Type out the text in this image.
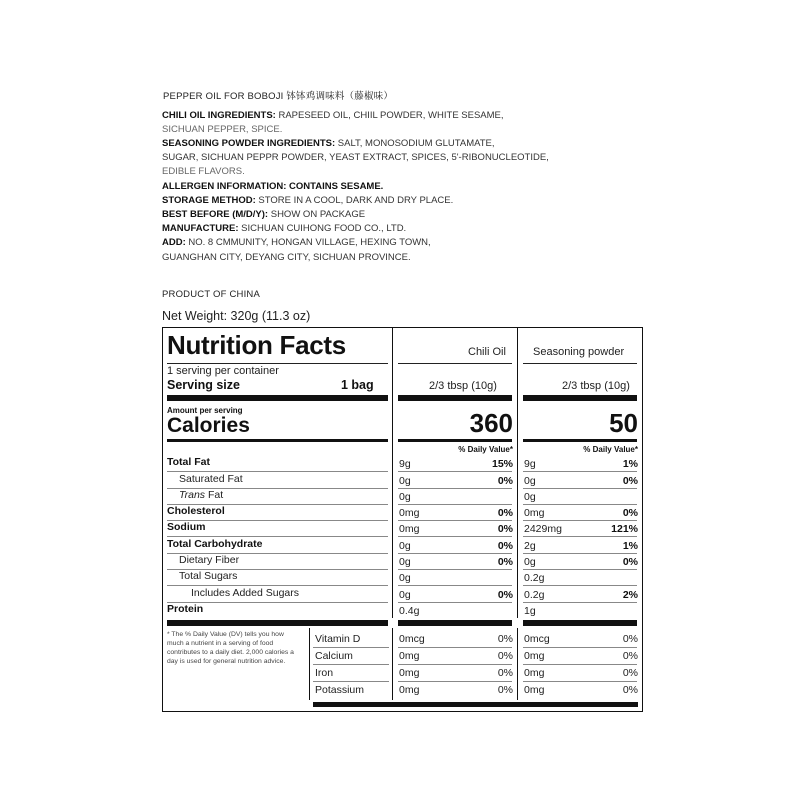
PEPPER OIL FOR BOBOJI 钵钵鸡调味料（藤椒味）
CHILI OIL INGREDIENTS: RAPESEED OIL, CHIIL POWDER, WHITE SESAME,
SICHUAN PEPPER, SPICE.
SEASONING POWDER INGREDIENTS: SALT, MONOSODIUM GLUTAMATE,
SUGAR, SICHUAN PEPPR POWDER, YEAST EXTRACT, SPICES, 5'-RIBONUCLEOTIDE,
EDIBLE FLAVORS.
ALLERGEN INFORMATION: CONTAINS SESAME.
STORAGE METHOD: STORE IN A COOL, DARK AND DRY PLACE.
BEST BEFORE (M/D/Y): SHOW ON PACKAGE
MANUFACTURE: SICHUAN CUIHONG FOOD CO., LTD.
ADD: NO. 8 CMMUNITY, HONGAN VILLAGE, HEXING TOWN,
GUANGHAN CITY, DEYANG CITY, SICHUAN PROVINCE.
PRODUCT OF CHINA
Net Weight: 320g (11.3 oz)
Nutrition Facts	Chili Oil Seasoning powder
1 serving per container
Serving size	1 bag	2/3 tbsp (10g)	2/3 tbsp (10g)
Amount per serving
Calories	360	50
% Daily Value*	% Daily Value*
Total Fat	9g	15% 9g	1%
Saturated Fat	0g	0% 0g	0%
Trans Fat	0g	0g
Cholesterol	0mg	0% 0mg	0%
Sodium	0mg	0% 2429mg	121%
Total Carbohydrate	0g	0% 2g	1%
Dietary Fiber	0g	0% 0g	0%
Total Sugars	0g	0.2g
Includes Added Sugars	0g	0% 0.2g	2%
Protein	0.4g	1g
* The % Daily Value (DV) tells you how much a nutrient in a serving of food contributes to a daily diet. 2,000 calories a day is used for general nutrition advice.
Vitamin D	0mcg	0% 0mcg	0%
Calcium	0mg	0% 0mg	0%
Iron	0mg	0% 0mg	0%
Potassium	0mg	0% 0mg	0%
